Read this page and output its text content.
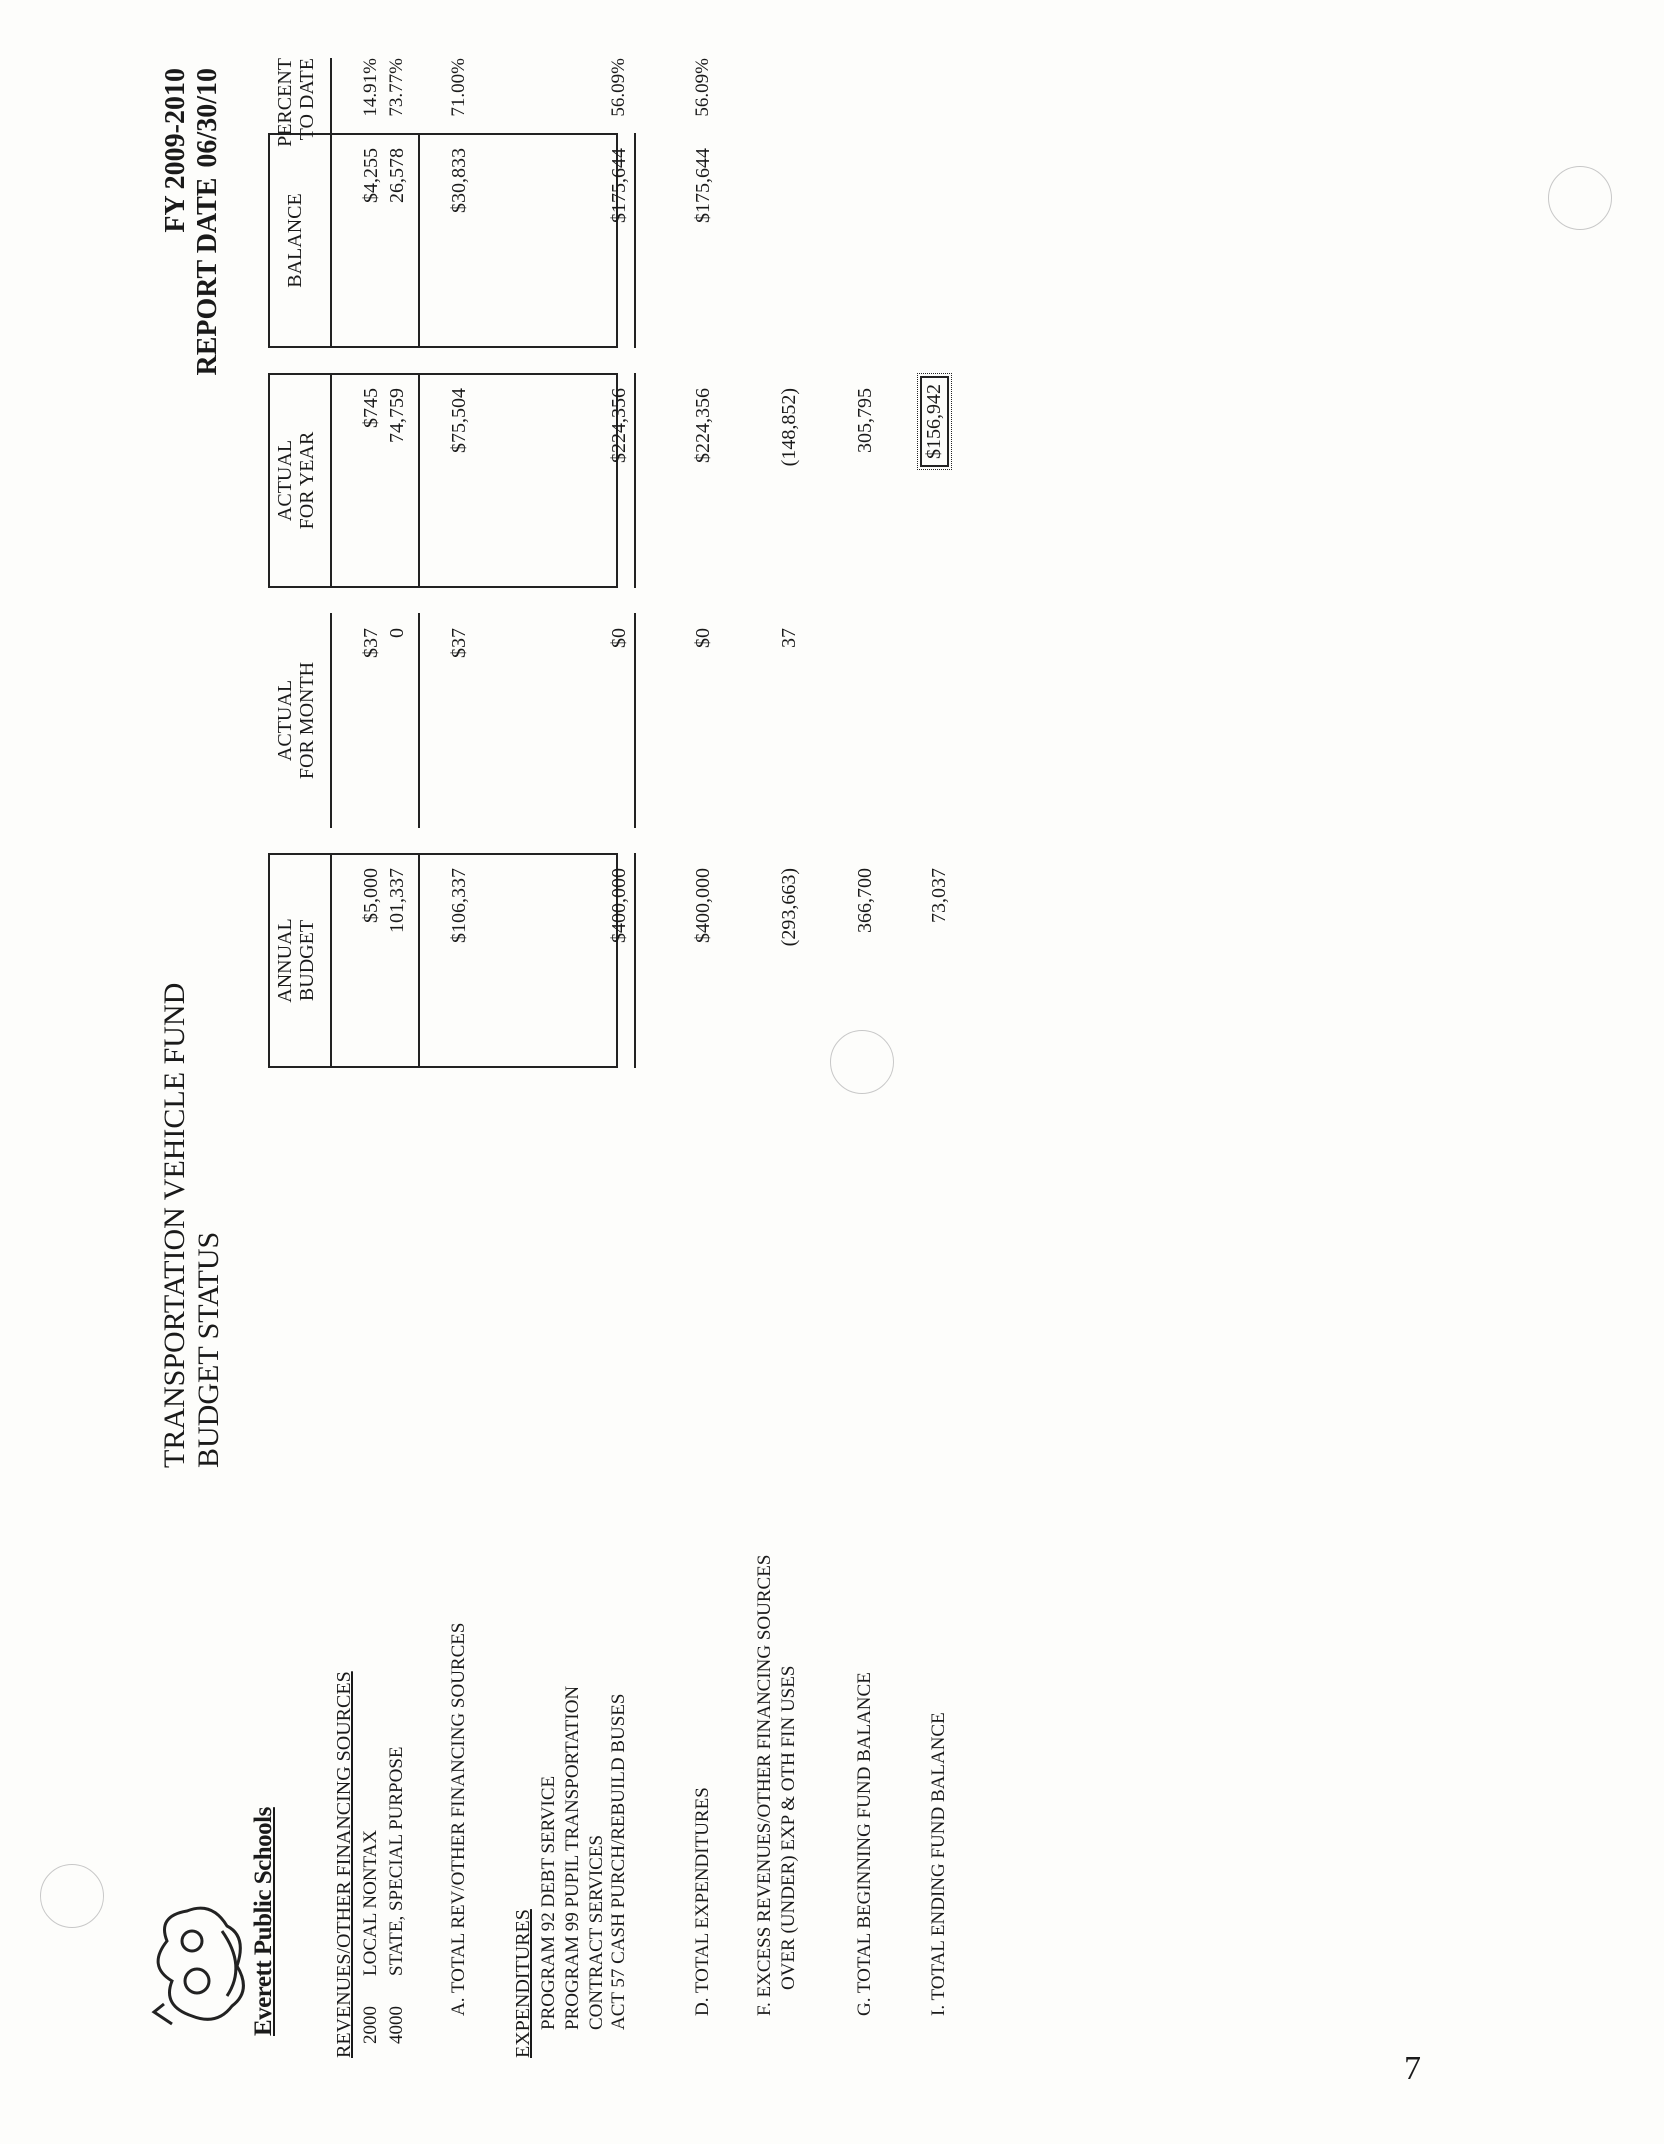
Everett Public Schools
TRANSPORTATION VEHICLE FUND BUDGET STATUS
FY 2009-2010
REPORT DATE06/30/10
ANNUAL BUDGET
ACTUAL FOR MONTH
ACTUAL FOR YEAR
BALANCE
PERCENT TO DATE
REVENUES/OTHER FINANCING SOURCES 2000
LOCAL NONTAX
$5,000
$37
$745
$4,255
14.91%
4000
STATE, SPECIAL PURPOSE
101,337
0
74,759
26,578
73.77%
A. TOTAL REV/OTHER FINANCING SOURCES
$106,337
$37
$75,504
$30,833
71.00%
EXPENDITURES PROGRAM 92 DEBT SERVICE PROGRAM 99 PUPIL TRANSPORTATION CONTRACT SERVICES ACT 57 CASH PURCH/REBUILD BUSES
$400,000
$0
$224,356
$175,644
56.09%
D. TOTAL EXPENDITURES
$400,000
$0
$224,356
$175,644
56.09%
F. EXCESS REVENUES/OTHER FINANCING SOURCES OVER (UNDER) EXP & OTH FIN USES
(293,663)
37
(148,852)
G. TOTAL BEGINNING FUND BALANCE
366,700
305,795
I. TOTAL ENDING FUND BALANCE
73,037
$156,942
7
